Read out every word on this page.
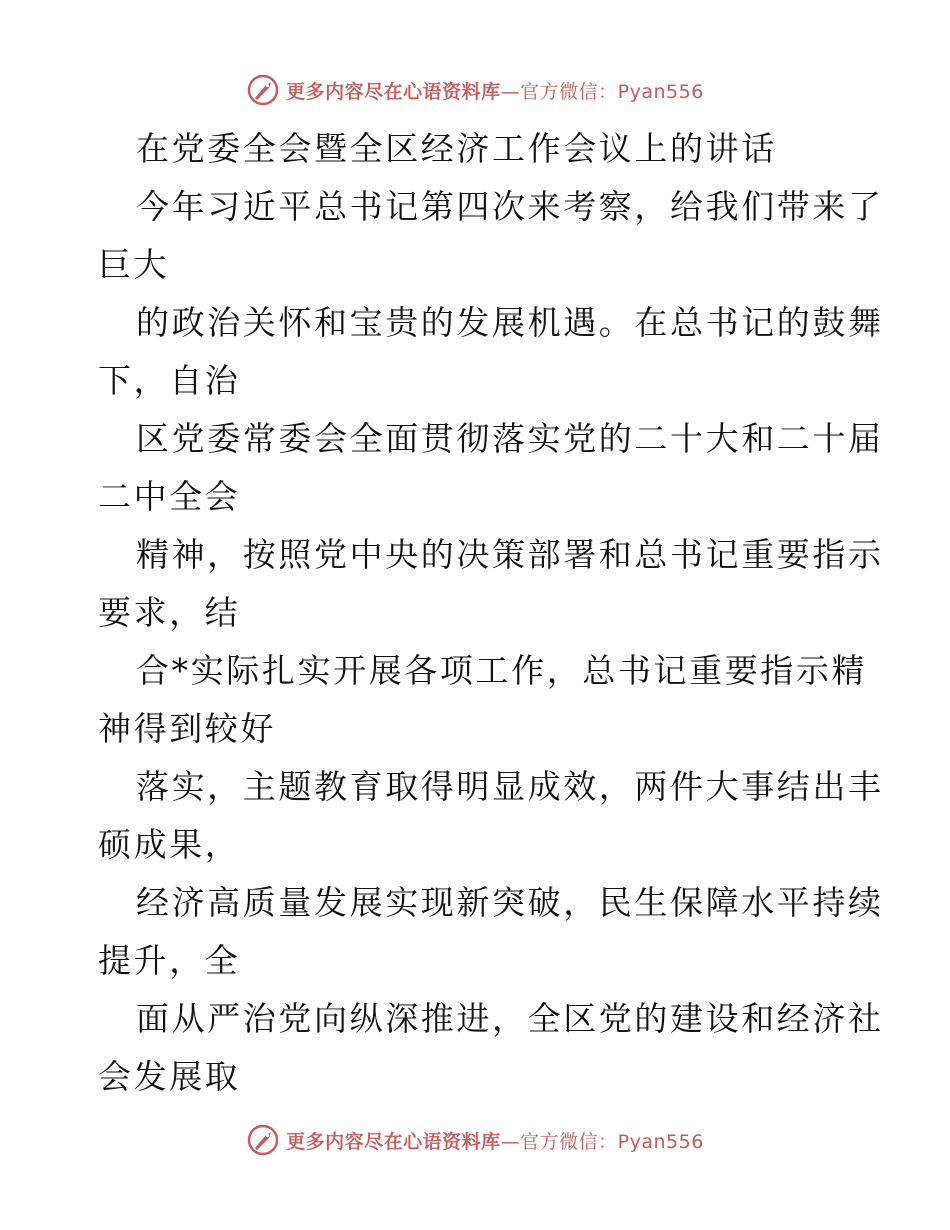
更多内容尽在心语资料库—官方微信：Pyan556
在党委全会暨全区经济工作会议上的讲话
今年习近平总书记第四次来考察，给我们带来了
巨大
的政治关怀和宝贵的发展机遇。在总书记的鼓舞
下，自治
区党委常委会全面贯彻落实党的二十大和二十届
二中全会
精神，按照党中央的决策部署和总书记重要指示
要求，结
合*实际扎实开展各项工作，总书记重要指示精
神得到较好
落实，主题教育取得明显成效，两件大事结出丰
硕成果，
经济高质量发展实现新突破，民生保障水平持续
提升，全
面从严治党向纵深推进，全区党的建设和经济社
会发展取
更多内容尽在心语资料库—官方微信：Pyan556
